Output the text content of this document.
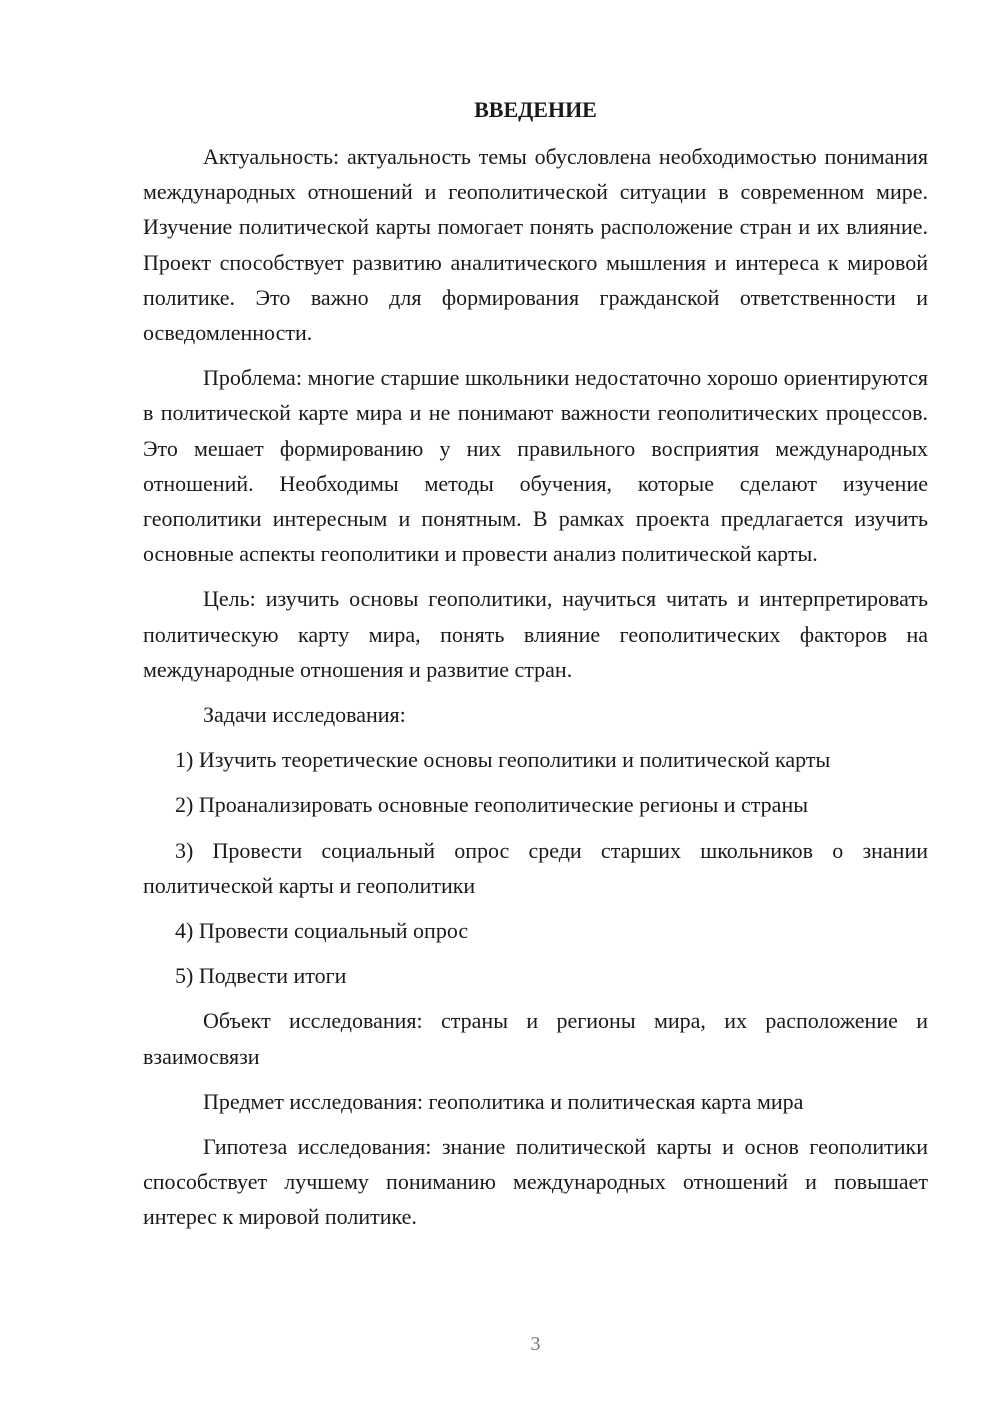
ВВЕДЕНИЕ

Актуальность: актуальность темы обусловлена необходимостью понимания международных отношений и геополитической ситуации в современном мире. Изучение политической карты помогает понять расположение стран и их влияние. Проект способствует развитию аналитического мышления и интереса к мировой политике. Это важно для формирования гражданской ответственности и осведомленности.

Проблема: многие старшие школьники недостаточно хорошо ориентируются в политической карте мира и не понимают важности геополитических процессов. Это мешает формированию у них правильного восприятия международных отношений. Необходимы методы обучения, которые сделают изучение геополитики интересным и понятным. В рамках проекта предлагается изучить основные аспекты геополитики и провести анализ политической карты.

Цель: изучить основы геополитики, научиться читать и интерпретировать политическую карту мира, понять влияние геополитических факторов на международные отношения и развитие стран.

Задачи исследования:

1) Изучить теоретические основы геополитики и политической карты

2) Проанализировать основные геополитические регионы и страны

3) Провести социальный опрос среди старших школьников о знании политической карты и геополитики

4) Провести социальный опрос

5) Подвести итоги

Объект исследования: страны и регионы мира, их расположение и взаимосвязи

Предмет исследования: геополитика и политическая карта мира

Гипотеза исследования: знание политической карты и основ геополитики способствует лучшему пониманию международных отношений и повышает интерес к мировой политике.

3
